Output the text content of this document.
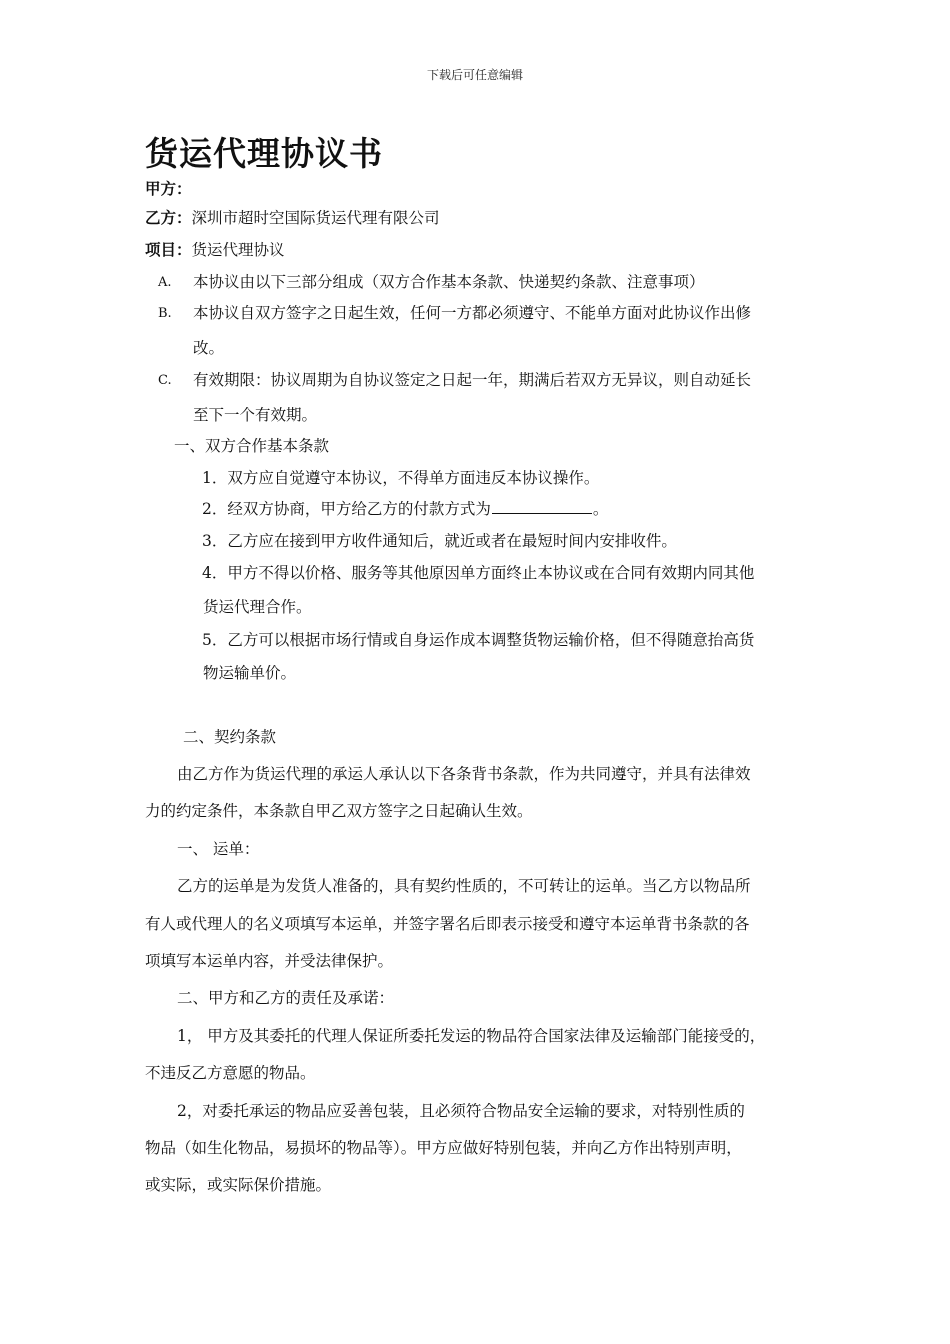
下载后可任意编辑
货运代理协议书
甲方：
乙方：深圳市超时空国际货运代理有限公司
项目：货运代理协议
A. 本协议由以下三部分组成（双方合作基本条款、快递契约条款、注意事项）
B. 本协议自双方签字之日起生效，任何一方都必须遵守、不能单方面对此协议作出修
改。
C. 有效期限：协议周期为自协议签定之日起一年，期满后若双方无异议，则自动延长
至下一个有效期。
一、双方合作基本条款
1．双方应自觉遵守本协议，不得单方面违反本协议操作。
2．经双方协商，甲方给乙方的付款方式为	。
3．乙方应在接到甲方收件通知后，就近或者在最短时间内安排收件。
4．甲方不得以价格、服务等其他原因单方面终止本协议或在合同有效期内同其他
货运代理合作。
5．乙方可以根据市场行情或自身运作成本调整货物运输价格，但不得随意抬高货
物运输单价。
二、契约条款
由乙方作为货运代理的承运人承认以下各条背书条款，作为共同遵守，并具有法律效
力的约定条件，本条款自甲乙双方签字之日起确认生效。
一、 运单：
乙方的运单是为发货人准备的，具有契约性质的，不可转让的运单。当乙方以物品所
有人或代理人的名义项填写本运单，并签字署名后即表示接受和遵守本运单背书条款的各
项填写本运单内容，并受法律保护。
二、甲方和乙方的责任及承诺：
1， 甲方及其委托的代理人保证所委托发运的物品符合国家法律及运输部门能接受的，
不违反乙方意愿的物品。
2，对委托承运的物品应妥善包装，且必须符合物品安全运输的要求，对特别性质的
物品（如生化物品，易损坏的物品等）。甲方应做好特别包装，并向乙方作出特别声明，
或实际，或实际保价措施。
